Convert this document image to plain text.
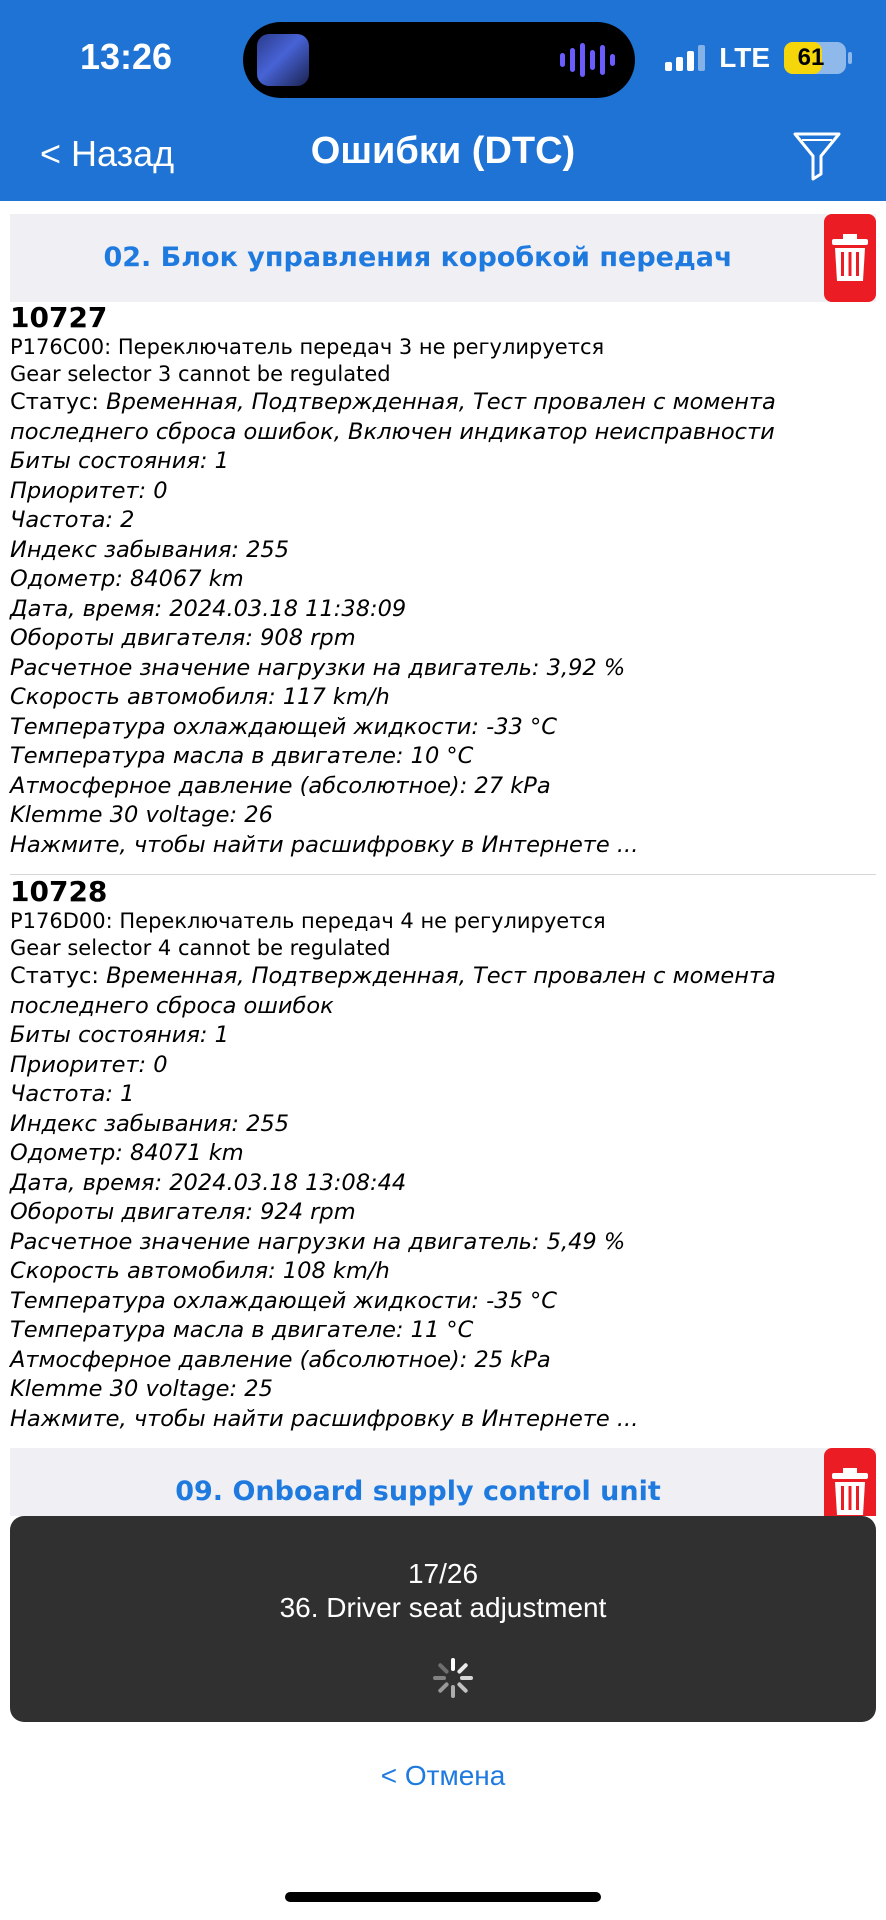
13:26	LTE	61
< Назад	Ошибки (DTC)
02. Блок управления коробкой передач
10727
P176C00: Переключатель передач 3 не регулируется
Gear selector 3 cannot be regulated
Статус: Временная, Подтвержденная, Тест провален с момента
последнего сброса ошибок, Включен индикатор неисправности
Биты состояния: 1
Приоритет: 0
Частота: 2
Индекс забывания: 255
Одометр: 84067 km
Дата, время: 2024.03.18 11:38:09
Обороты двигателя: 908 rpm
Расчетное значение нагрузки на двигатель: 3,92 %
Скорость автомобиля: 117 km/h
Температура охлаждающей жидкости: -33 °C
Температура масла в двигателе: 10 °C
Атмосферное давление (абсолютное): 27 kPa
Klemme 30 voltage: 26
Нажмите, чтобы найти расшифровку в Интернете ...
10728
P176D00: Переключатель передач 4 не регулируется
Gear selector 4 cannot be regulated
Статус: Временная, Подтвержденная, Тест провален с момента
последнего сброса ошибок
Биты состояния: 1
Приоритет: 0
Частота: 1
Индекс забывания: 255
Одометр: 84071 km
Дата, время: 2024.03.18 13:08:44
Обороты двигателя: 924 rpm
Расчетное значение нагрузки на двигатель: 5,49 %
Скорость автомобиля: 108 km/h
Температура охлаждающей жидкости: -35 °C
Температура масла в двигателе: 11 °C
Атмосферное давление (абсолютное): 25 kPa
Klemme 30 voltage: 25
Нажмите, чтобы найти расшифровку в Интернете ...
09. Onboard supply control unit
17/26
36. Driver seat adjustment
< Отмена
